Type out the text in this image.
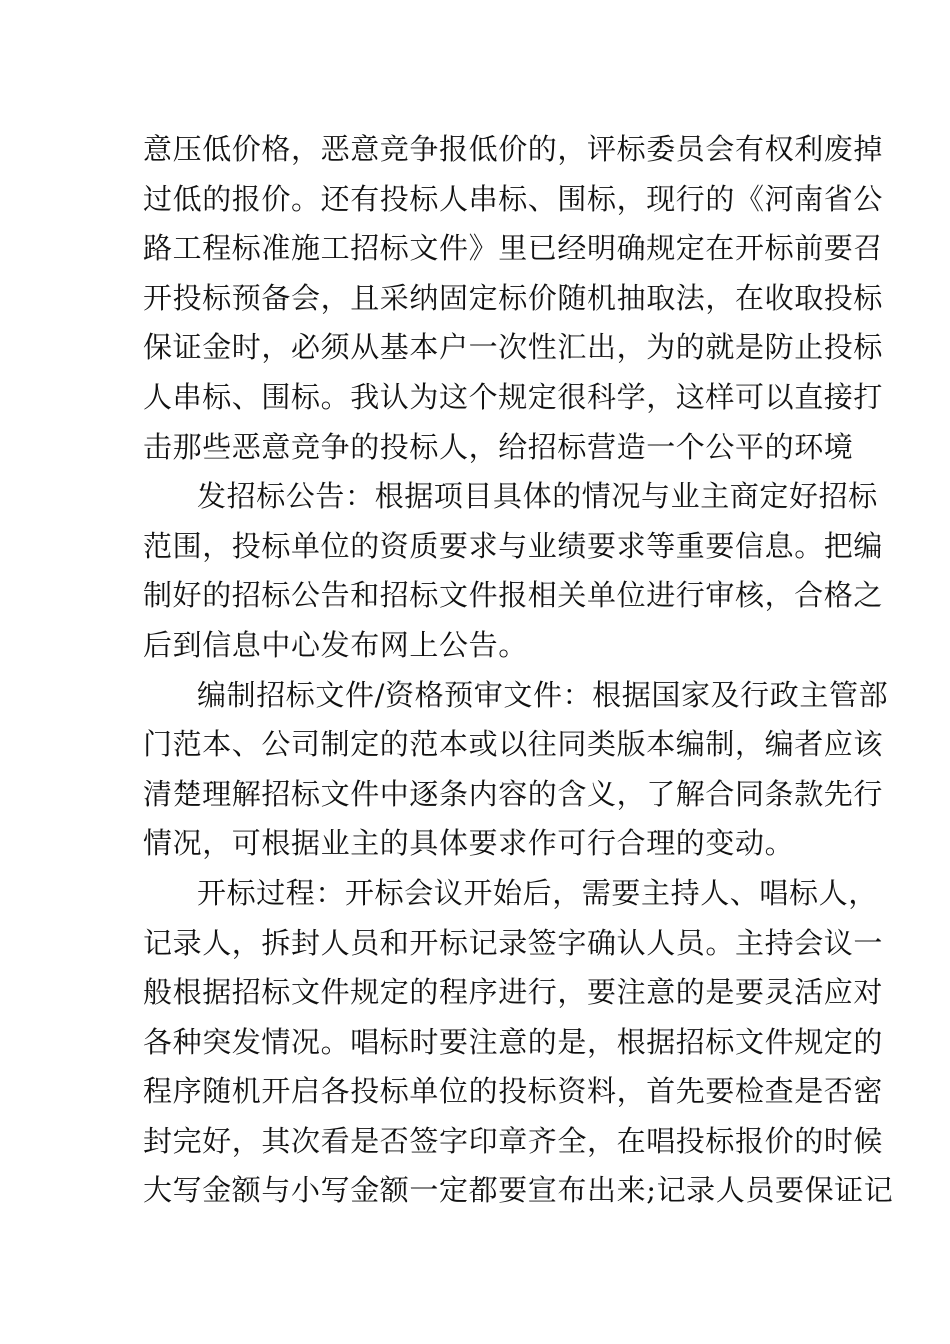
意压低价格，恶意竞争报低价的，评标委员会有权利废掉
过低的报价。还有投标人串标、围标，现行的《河南省公
路工程标准施工招标文件》里已经明确规定在开标前要召
开投标预备会，且采纳固定标价随机抽取法，在收取投标
保证金时，必须从基本户一次性汇出，为的就是防止投标
人串标、围标。我认为这个规定很科学，这样可以直接打
击那些恶意竞争的投标人，给招标营造一个公平的环境
发招标公告：根据项目具体的情况与业主商定好招标
范围，投标单位的资质要求与业绩要求等重要信息。把编
制好的招标公告和招标文件报相关单位进行审核，合格之
后到信息中心发布网上公告。
编制招标文件/资格预审文件：根据国家及行政主管部
门范本、公司制定的范本或以往同类版本编制，编者应该
清楚理解招标文件中逐条内容的含义，了解合同条款先行
情况，可根据业主的具体要求作可行合理的变动。
开标过程：开标会议开始后，需要主持人、唱标人，
记录人，拆封人员和开标记录签字确认人员。主持会议一
般根据招标文件规定的程序进行，要注意的是要灵活应对
各种突发情况。唱标时要注意的是，根据招标文件规定的
程序随机开启各投标单位的投标资料，首先要检查是否密
封完好，其次看是否签字印章齐全，在唱投标报价的时候
大写金额与小写金额一定都要宣布出来;记录人员要保证记
